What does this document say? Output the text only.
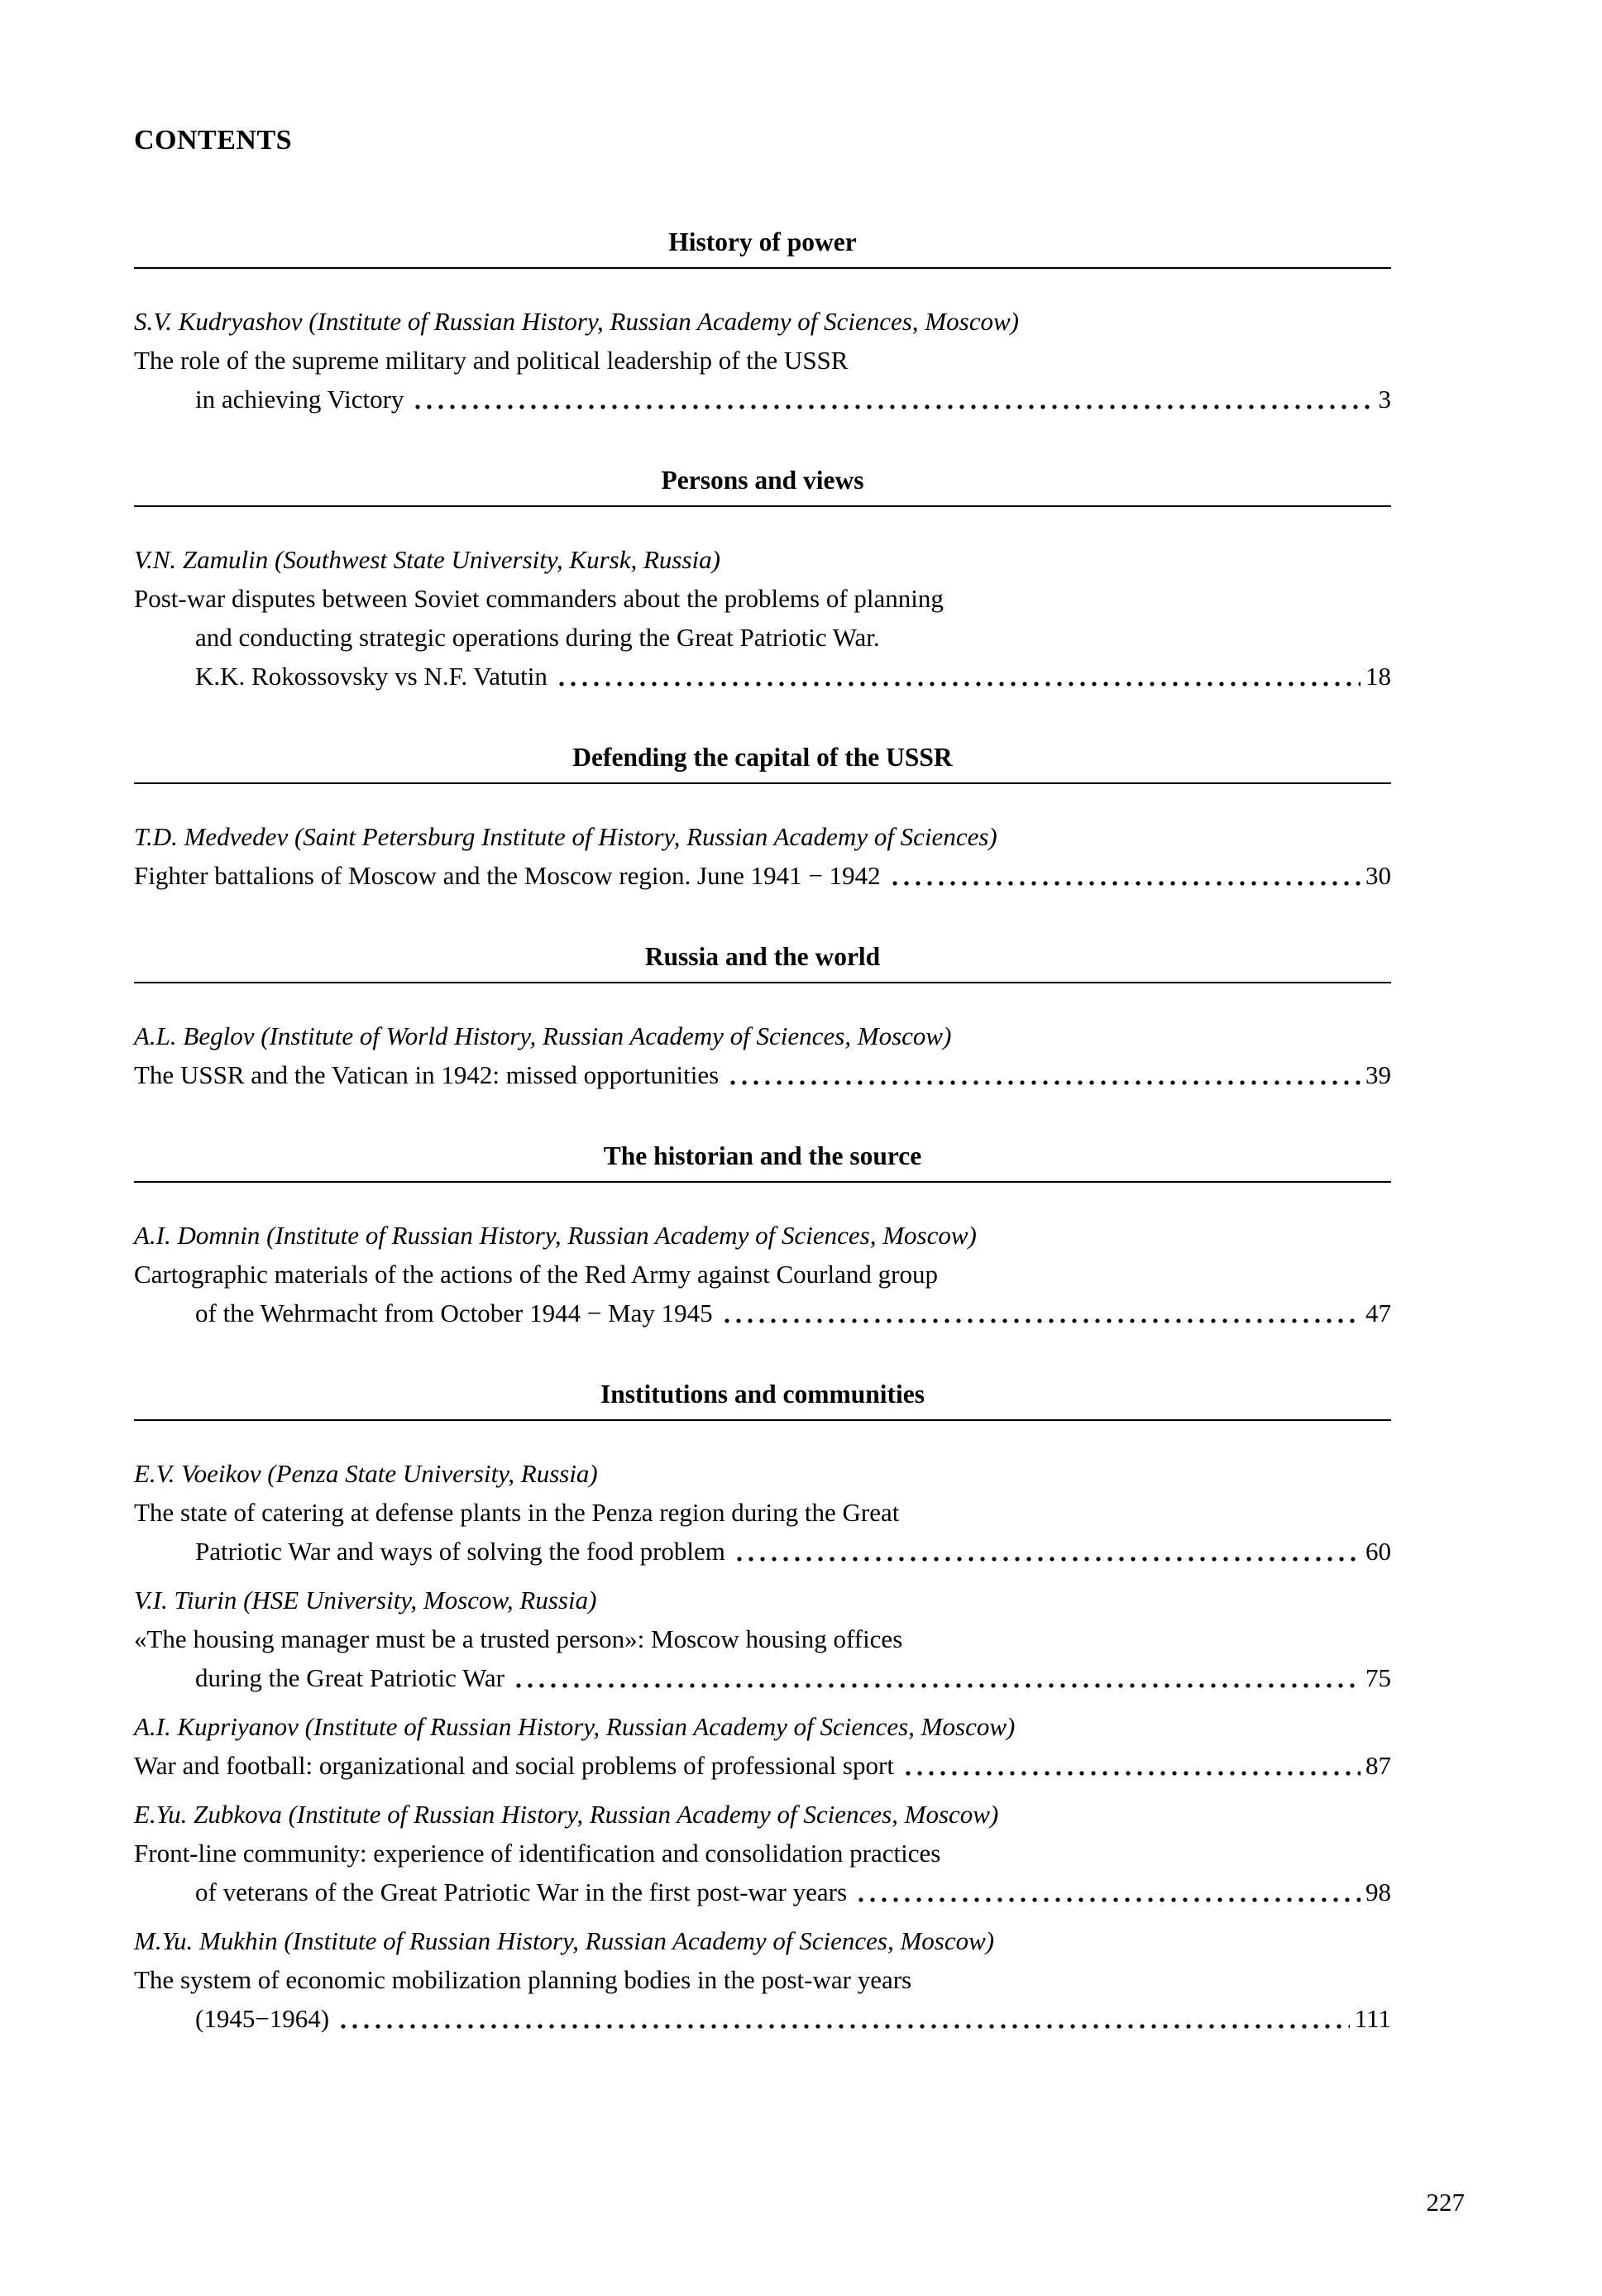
CONTENTS
History of power
S.V. Kudryashov (Institute of Russian History, Russian Academy of Sciences, Moscow)
The role of the supreme military and political leadership of the USSR
in achieving Victory	3
Persons and views
V.N. Zamulin (Southwest State University, Kursk, Russia)
Post-war disputes between Soviet commanders about the problems of planning
and conducting strategic operations during the Great Patriotic War.
K.K. Rokossovsky vs N.F. Vatutin	18
Defending the capital of the USSR
T.D. Medvedev (Saint Petersburg Institute of History, Russian Academy of Sciences)
Fighter battalions of Moscow and the Moscow region. June 1941 − 1942	30
Russia and the world
A.L. Beglov (Institute of World History, Russian Academy of Sciences, Moscow)
The USSR and the Vatican in 1942: missed opportunities	39
The historian and the source
A.I. Domnin (Institute of Russian History, Russian Academy of Sciences, Moscow)
Cartographic materials of the actions of the Red Army against Courland group
of the Wehrmacht from October 1944 − May 1945	47
Institutions and communities
E.V. Voeikov (Penza State University, Russia)
The state of catering at defense plants in the Penza region during the Great
Patriotic War and ways of solving the food problem	60
V.I. Tiurin (HSE University, Moscow, Russia)
«The housing manager must be a trusted person»: Moscow housing offices
during the Great Patriotic War	75
A.I. Kupriyanov (Institute of Russian History, Russian Academy of Sciences, Moscow)
War and football: organizational and social problems of professional sport	87
E.Yu. Zubkova (Institute of Russian History, Russian Academy of Sciences, Moscow)
Front-line community: experience of identification and consolidation practices
of veterans of the Great Patriotic War in the first post-war years	98
M.Yu. Mukhin (Institute of Russian History, Russian Academy of Sciences, Moscow)
The system of economic mobilization planning bodies in the post-war years
(1945−1964)	111
227
